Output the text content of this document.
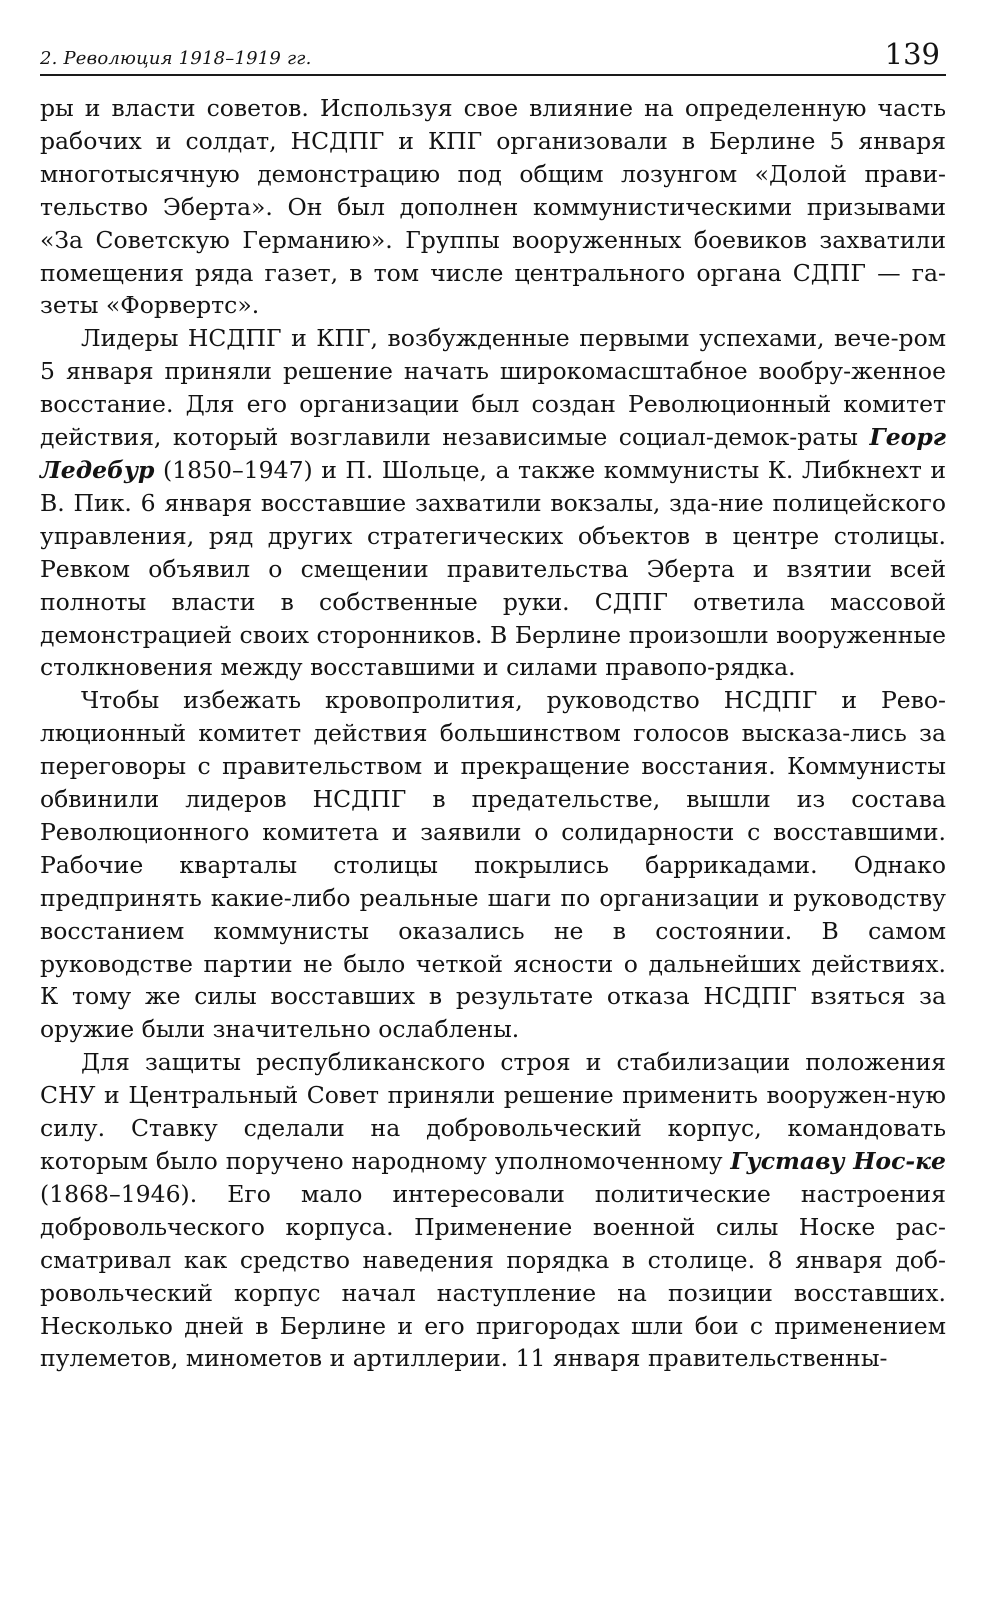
2. Революция 1918–1919 гг.	139

ры и власти советов. Используя свое влияние на определенную часть рабочих и солдат, НСДПГ и КПГ организовали в Берлине 5 января многотысячную демонстрацию под общим лозунгом «Долой прави-тельство Эберта». Он был дополнен коммунистическими призывами «За Советскую Германию». Группы вооруженных боевиков захватили помещения ряда газет, в том числе центрального органа СДПГ — га-зеты «Форвертс».

Лидеры НСДПГ и КПГ, возбужденные первыми успехами, вече-ром 5 января приняли решение начать широкомасштабное вообру-женное восстание. Для его организации был создан Революционный комитет действия, который возглавили независимые социал-демок-раты Георг Ледебур (1850–1947) и П. Шольце, а также коммунисты К. Либкнехт и В. Пик. 6 января восставшие захватили вокзалы, зда-ние полицейского управления, ряд других стратегических объектов в центре столицы. Ревком объявил о смещении правительства Эберта и взятии всей полноты власти в собственные руки. СДПГ ответила массовой демонстрацией своих сторонников. В Берлине произошли вооруженные столкновения между восставшими и силами правопо-рядка.

Чтобы избежать кровопролития, руководство НСДПГ и Рево-люционный комитет действия большинством голосов высказа-лись за переговоры с правительством и прекращение восстания. Коммунисты обвинили лидеров НСДПГ в предательстве, вышли из состава Революционного комитета и заявили о солидарности с восставшими. Рабочие кварталы столицы покрылись баррикадами. Однако предпринять какие-либо реальные шаги по организации и руководству восстанием коммунисты оказались не в состоянии. В самом руководстве партии не было четкой ясности о дальнейших действиях. К тому же силы восставших в результате отказа НСДПГ взяться за оружие были значительно ослаблены.

Для защиты республиканского строя и стабилизации положения СНУ и Центральный Совет приняли решение применить вооружен-ную силу. Ставку сделали на добровольческий корпус, командовать которым было поручено народному уполномоченному Густаву Нос-ке (1868–1946). Его мало интересовали политические настроения добровольческого корпуса. Применение военной силы Носке рас-сматривал как средство наведения порядка в столице. 8 января доб-ровольческий корпус начал наступление на позиции восставших. Несколько дней в Берлине и его пригородах шли бои с применением пулеметов, минометов и артиллерии. 11 января правительственны-
